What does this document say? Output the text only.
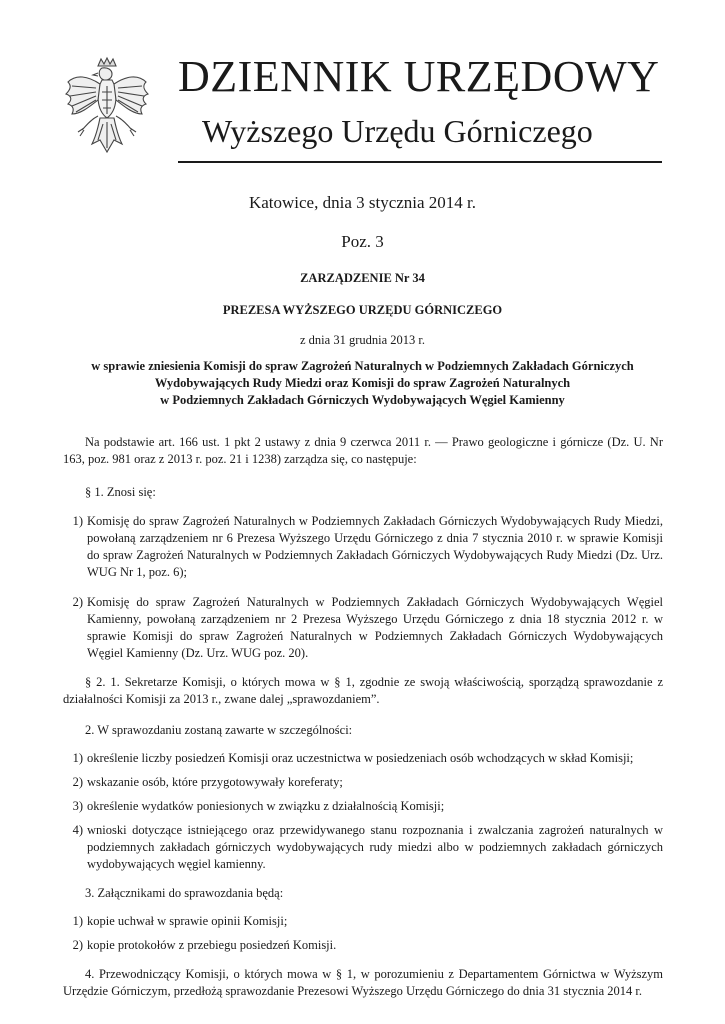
DZIENNIK URZĘDOWY
Wyższego Urzędu Górniczego
Katowice, dnia 3 stycznia 2014 r.
Poz. 3
ZARZĄDZENIE Nr 34
PREZESA WYŻSZEGO URZĘDU GÓRNICZEGO
z dnia 31 grudnia 2013 r.
w sprawie zniesienia Komisji do spraw Zagrożeń Naturalnych w Podziemnych Zakładach Górniczych
Wydobywających Rudy Miedzi oraz Komisji do spraw Zagrożeń Naturalnych
w Podziemnych Zakładach Górniczych Wydobywających Węgiel Kamienny

Na podstawie art. 166 ust. 1 pkt 2 ustawy z dnia 9 czerwca 2011 r. — Prawo geologiczne i górnicze (Dz. U. Nr 163, poz. 981 oraz z 2013 r. poz. 21 i 1238) zarządza się, co następuje:

§ 1. Znosi się:

1) Komisję do spraw Zagrożeń Naturalnych w Podziemnych Zakładach Górniczych Wydobywających Rudy Miedzi, powołaną zarządzeniem nr 6 Prezesa Wyższego Urzędu Górniczego z dnia 7 stycznia 2010 r. w sprawie Komisji do spraw Zagrożeń Naturalnych w Podziemnych Zakładach Górniczych Wydobywających Rudy Miedzi (Dz. Urz. WUG Nr 1, poz. 6);
2) Komisję do spraw Zagrożeń Naturalnych w Podziemnych Zakładach Górniczych Wydobywających Węgiel Kamienny, powołaną zarządzeniem nr 2 Prezesa Wyższego Urzędu Górniczego z dnia 18 stycznia 2012 r. w sprawie Komisji do spraw Zagrożeń Naturalnych w Podziemnych Zakładach Górniczych Wydobywających Węgiel Kamienny (Dz. Urz. WUG poz. 20).

§ 2. 1. Sekretarze Komisji, o których mowa w § 1, zgodnie ze swoją właściwością, sporządzą sprawozdanie z działalności Komisji za 2013 r., zwane dalej „sprawozdaniem”.

2. W sprawozdaniu zostaną zawarte w szczególności:

1) określenie liczby posiedzeń Komisji oraz uczestnictwa w posiedzeniach osób wchodzących w skład Komisji;
2) wskazanie osób, które przygotowywały koreferaty;
3) określenie wydatków poniesionych w związku z działalnością Komisji;
4) wnioski dotyczące istniejącego oraz przewidywanego stanu rozpoznania i zwalczania zagrożeń naturalnych w podziemnych zakładach górniczych wydobywających rudy miedzi albo w podziemnych zakładach górniczych wydobywających węgiel kamienny.

3. Załącznikami do sprawozdania będą:

1) kopie uchwał w sprawie opinii Komisji;
2) kopie protokołów z przebiegu posiedzeń Komisji.

4. Przewodniczący Komisji, o których mowa w § 1, w porozumieniu z Departamentem Górnictwa w Wyższym Urzędzie Górniczym, przedłożą sprawozdanie Prezesowi Wyższego Urzędu Górniczego do dnia 31 stycznia 2014 r.
